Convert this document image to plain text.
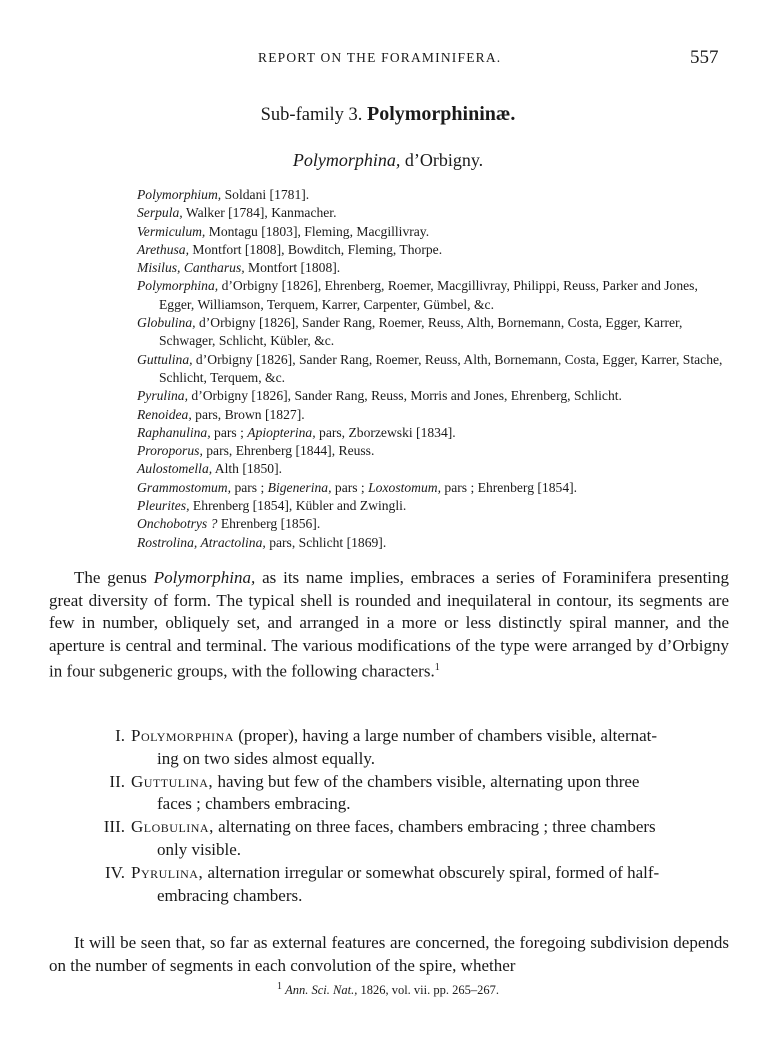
REPORT ON THE FORAMINIFERA.	557
Sub-family 3. Polymorphininæ.
Polymorphina, d’Orbigny.
Polymorphium, Soldani [1781].
Serpula, Walker [1784], Kanmacher.
Vermiculum, Montagu [1803], Fleming, Macgillivray.
Arethusa, Montfort [1808], Bowditch, Fleming, Thorpe.
Misilus, Cantharus, Montfort [1808].
Polymorphina, d’Orbigny [1826], Ehrenberg, Roemer, Macgillivray, Philippi, Reuss, Parker and Jones, Egger, Williamson, Terquem, Karrer, Carpenter, Gümbel, &c.
Globulina, d’Orbigny [1826], Sander Rang, Roemer, Reuss, Alth, Bornemann, Costa, Egger, Karrer, Schwager, Schlicht, Kübler, &c.
Guttulina, d’Orbigny [1826], Sander Rang, Roemer, Reuss, Alth, Bornemann, Costa, Egger, Karrer, Stache, Schlicht, Terquem, &c.
Pyrulina, d’Orbigny [1826], Sander Rang, Reuss, Morris and Jones, Ehrenberg, Schlicht.
Renoidea, pars, Brown [1827].
Raphanulina, pars ; Apiopterina, pars, Zborzewski [1834].
Proroporus, pars, Ehrenberg [1844], Reuss.
Aulostomella, Alth [1850].
Grammostomum, pars ; Bigenerina, pars ; Loxostomum, pars ; Ehrenberg [1854].
Pleurites, Ehrenberg [1854], Kübler and Zwingli.
Onchobotrys ? Ehrenberg [1856].
Rostrolina, Atractolina, pars, Schlicht [1869].
The genus Polymorphina, as its name implies, embraces a series of Foraminifera presenting great diversity of form. The typical shell is rounded and inequilateral in contour, its segments are few in number, obliquely set, and arranged in a more or less distinctly spiral manner, and the aperture is central and terminal. The various modifications of the type were arranged by d’Orbigny in four subgeneric groups, with the following characters.$^1$
I. Polymorphina (proper), having a large number of chambers visible, alternat-
ing on two sides almost equally.
II. Guttulina, having but few of the chambers visible, alternating upon three
faces ; chambers embracing.
III. Globulina, alternating on three faces, chambers embracing ; three chambers
only visible.
IV. Pyrulina, alternation irregular or somewhat obscurely spiral, formed of half-
embracing chambers.
It will be seen that, so far as external features are concerned, the foregoing subdivision depends on the number of segments in each convolution of the spire, whether
$^1$ Ann. Sci. Nat., 1826, vol. vii. pp. 265–267.
